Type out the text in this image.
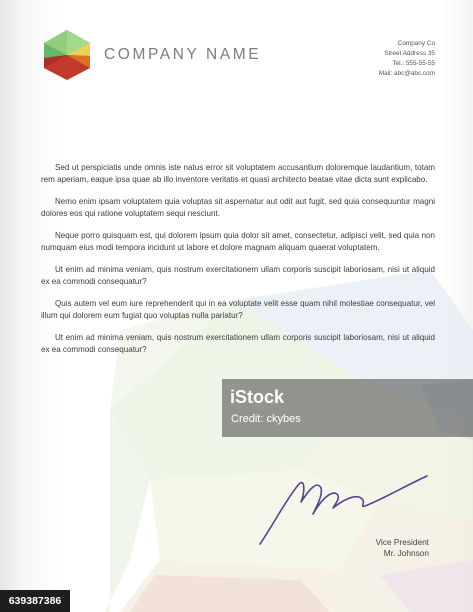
COMPANY NAME
Company Co
Street Address 35
Tel.: 555-55-55
Mail: abc@abc.com

Sed ut perspiciatis unde omnis iste natus error sit voluptatem accusantium doloremque laudantium, totam rem aperiam, eaque ipsa quae ab illo inventore veritatis et quasi architecto beatae vitae dicta sunt explicabo.

Nemo enim ipsam voluptatem quia voluptas sit aspernatur aut odit aut fugit, sed quia consequuntur magni dolores eos qui ratione voluptatem sequi nesciunt.

Neque porro quisquam est, qui dolorem ipsum quia dolor sit amet, consectetur, adipisci velit, sed quia non numquam eius modi tempora incidunt ut labore et dolore magnam aliquam quaerat voluptatem.

Ut enim ad minima veniam, quis nostrum exercitationem ullam corporis suscipit laboriosam, nisi ut aliquid ex ea commodi consequatur?

Quis autem vel eum iure reprehenderit qui in ea voluptate velit esse quam nihil molestiae consequatur, vel illum qui dolorem eum fugiat quo voluptas nulla pariatur?

Ut enim ad minima veniam, quis nostrum exercitationem ullam corporis suscipit laboriosam, nisi ut aliquid ex ea commodi consequatur?

Vice President
Mr. Johnson
iStock
Credit: ckybes
639387386
